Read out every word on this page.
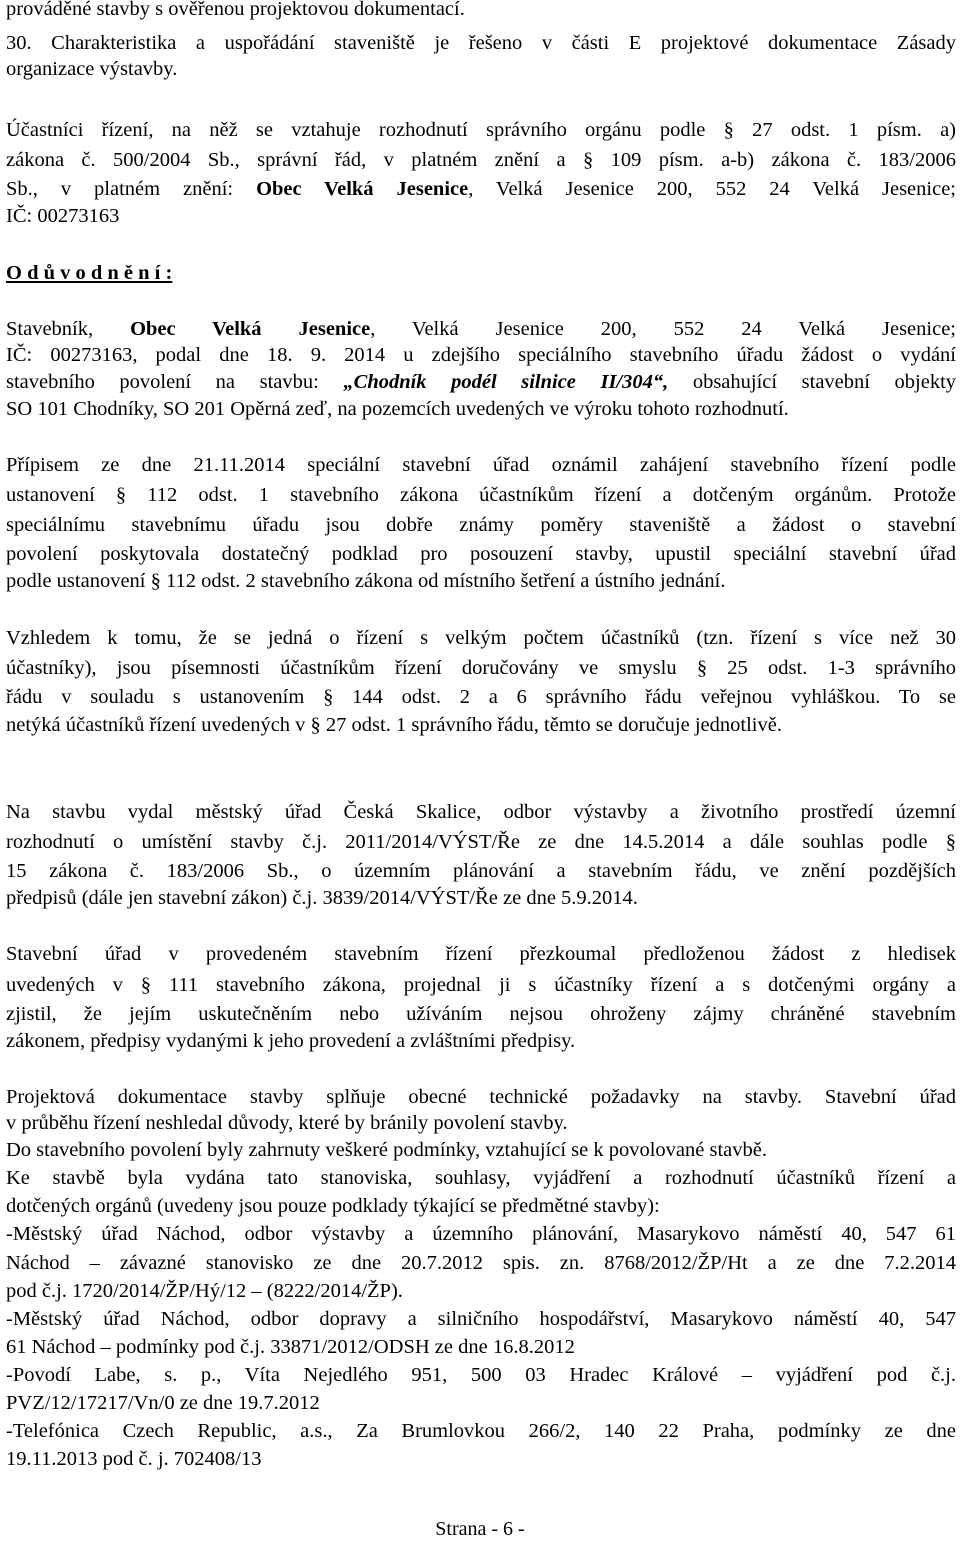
prováděné stavby s ověřenou projektovou dokumentací.
30. Charakteristika a uspořádání staveniště je řešeno v části E projektové dokumentace Zásady
organizace výstavby.
Účastníci řízení, na něž se vztahuje rozhodnutí správního orgánu podle § 27 odst. 1 písm. a)
zákona č. 500/2004 Sb., správní řád, v platném znění a § 109 písm. a-b) zákona č. 183/2006
Sb., v platném znění: Obec Velká Jesenice, Velká Jesenice 200, 552 24 Velká Jesenice;
IČ: 00273163
O d ů v o d n ě n í :
Stavebník, Obec Velká Jesenice, Velká Jesenice 200, 552 24 Velká Jesenice;
IČ: 00273163, podal dne 18. 9. 2014 u zdejšího speciálního stavebního úřadu žádost o vydání
stavebního povolení na stavbu: „Chodník podél silnice II/304“, obsahující stavební objekty
SO 101 Chodníky, SO 201 Opěrná zeď, na pozemcích uvedených ve výroku tohoto rozhodnutí.
Přípisem ze dne 21.11.2014 speciální stavební úřad oznámil zahájení stavebního řízení podle
ustanovení § 112 odst. 1 stavebního zákona účastníkům řízení a dotčeným orgánům. Protože
speciálnímu stavebnímu úřadu jsou dobře známy poměry staveniště a žádost o stavební
povolení poskytovala dostatečný podklad pro posouzení stavby, upustil speciální stavební úřad
podle ustanovení § 112 odst. 2 stavebního zákona od místního šetření a ústního jednání.
Vzhledem k tomu, že se jedná o řízení s velkým počtem účastníků (tzn. řízení s více než 30
účastníky), jsou písemnosti účastníkům řízení doručovány ve smyslu § 25 odst. 1-3 správního
řádu v souladu s ustanovením § 144 odst. 2 a 6 správního řádu veřejnou vyhláškou. To se
netýká účastníků řízení uvedených v § 27 odst. 1 správního řádu, těmto se doručuje jednotlivě.
Na stavbu vydal městský úřad Česká Skalice, odbor výstavby a životního prostředí územní
rozhodnutí o umístění stavby č.j. 2011/2014/VÝST/Ře ze dne 14.5.2014 a dále souhlas podle §
15 zákona č. 183/2006 Sb., o územním plánování a stavebním řádu, ve znění pozdějších
předpisů (dále jen stavební zákon) č.j. 3839/2014/VÝST/Ře ze dne 5.9.2014.
Stavební úřad v provedeném stavebním řízení přezkoumal předloženou žádost z hledisek
uvedených v § 111 stavebního zákona, projednal ji s účastníky řízení a s dotčenými orgány a
zjistil, že jejím uskutečněním nebo užíváním nejsou ohroženy zájmy chráněné stavebním
zákonem, předpisy vydanými k jeho provedení a zvláštními předpisy.
Projektová dokumentace stavby splňuje obecné technické požadavky na stavby. Stavební úřad
v průběhu řízení neshledal důvody, které by bránily povolení stavby.
Do stavebního povolení byly zahrnuty veškeré podmínky, vztahující se k povolované stavbě.
Ke stavbě byla vydána tato stanoviska, souhlasy, vyjádření a rozhodnutí účastníků řízení a
dotčených orgánů (uvedeny jsou pouze podklady týkající se předmětné stavby):
-Městský úřad Náchod, odbor výstavby a územního plánování, Masarykovo náměstí 40, 547 61
Náchod – závazné stanovisko ze dne 20.7.2012 spis. zn. 8768/2012/ŽP/Ht a ze dne 7.2.2014
pod č.j. 1720/2014/ŽP/Hý/12 – (8222/2014/ŽP).
-Městský úřad Náchod, odbor dopravy a silničního hospodářství, Masarykovo náměstí 40, 547
61 Náchod – podmínky pod č.j. 33871/2012/ODSH ze dne 16.8.2012
-Povodí Labe, s. p., Víta Nejedlého 951, 500 03 Hradec Králové – vyjádření pod č.j.
PVZ/12/17217/Vn/0 ze dne 19.7.2012
-Telefónica Czech Republic, a.s., Za Brumlovkou 266/2, 140 22 Praha, podmínky ze dne
19.11.2013 pod č. j. 702408/13
Strana - 6 -
